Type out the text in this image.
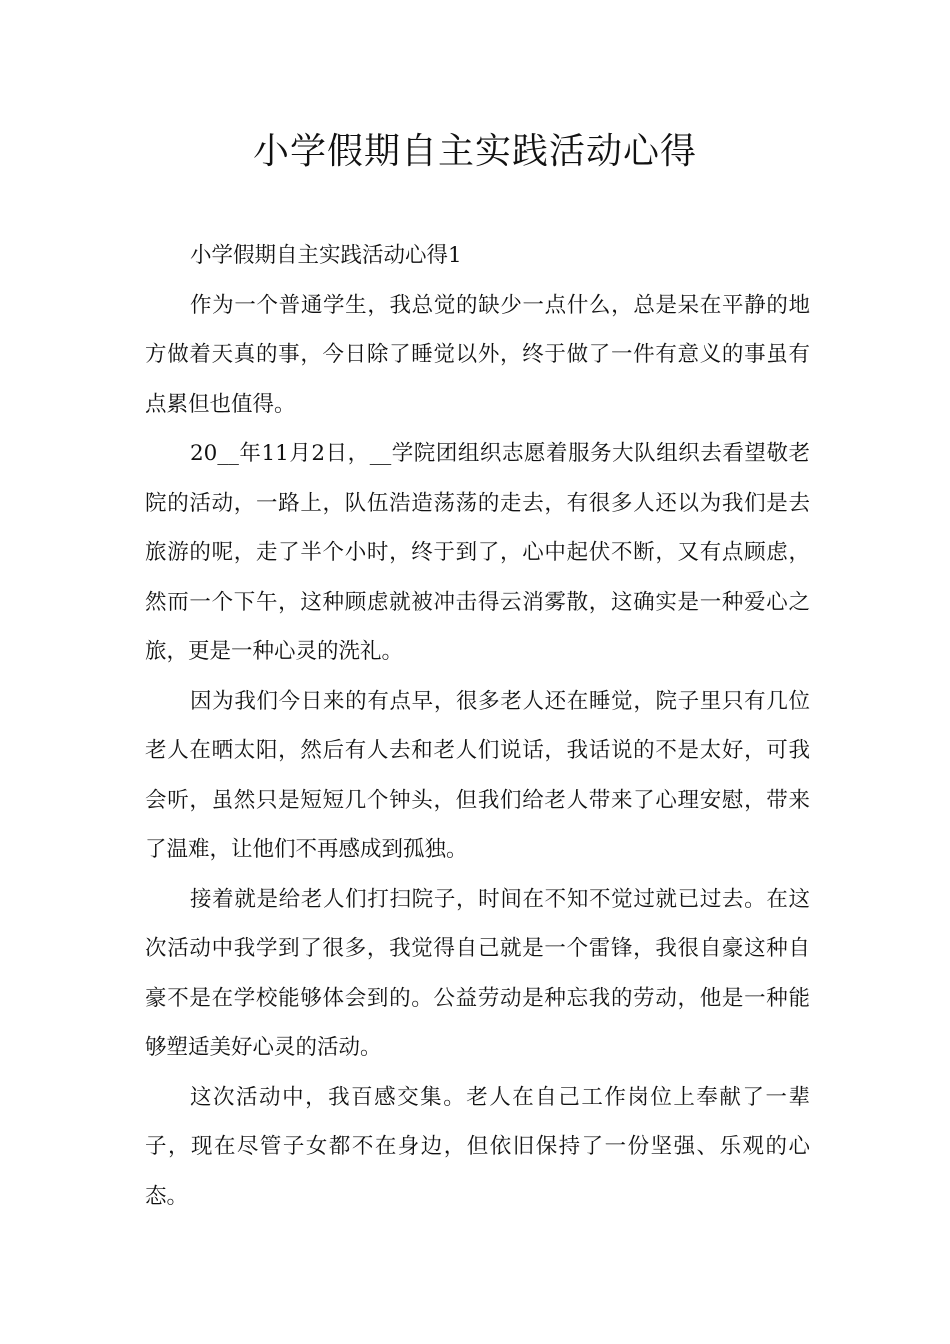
小学假期自主实践活动心得

小学假期自主实践活动心得1

作为一个普通学生，我总觉的缺少一点什么，总是呆在平静的地方做着天真的事，今日除了睡觉以外，终于做了一件有意义的事虽有点累但也值得。

20__年11月2日，__学院团组织志愿着服务大队组织去看望敬老院的活动，一路上，队伍浩造荡荡的走去，有很多人还以为我们是去旅游的呢，走了半个小时，终于到了，心中起伏不断，又有点顾虑，然而一个下午，这种顾虑就被冲击得云消雾散，这确实是一种爱心之旅，更是一种心灵的洗礼。

因为我们今日来的有点早，很多老人还在睡觉，院子里只有几位老人在晒太阳，然后有人去和老人们说话，我话说的不是太好，可我会听，虽然只是短短几个钟头，但我们给老人带来了心理安慰，带来了温难，让他们不再感成到孤独。

接着就是给老人们打扫院子，时间在不知不觉过就已过去。在这次活动中我学到了很多，我觉得自己就是一个雷锋，我很自豪这种自豪不是在学校能够体会到的。公益劳动是种忘我的劳动，他是一种能够塑适美好心灵的活动。

这次活动中，我百感交集。老人在自己工作岗位上奉献了一辈子，现在尽管子女都不在身边，但依旧保持了一份坚强、乐观的心态。
